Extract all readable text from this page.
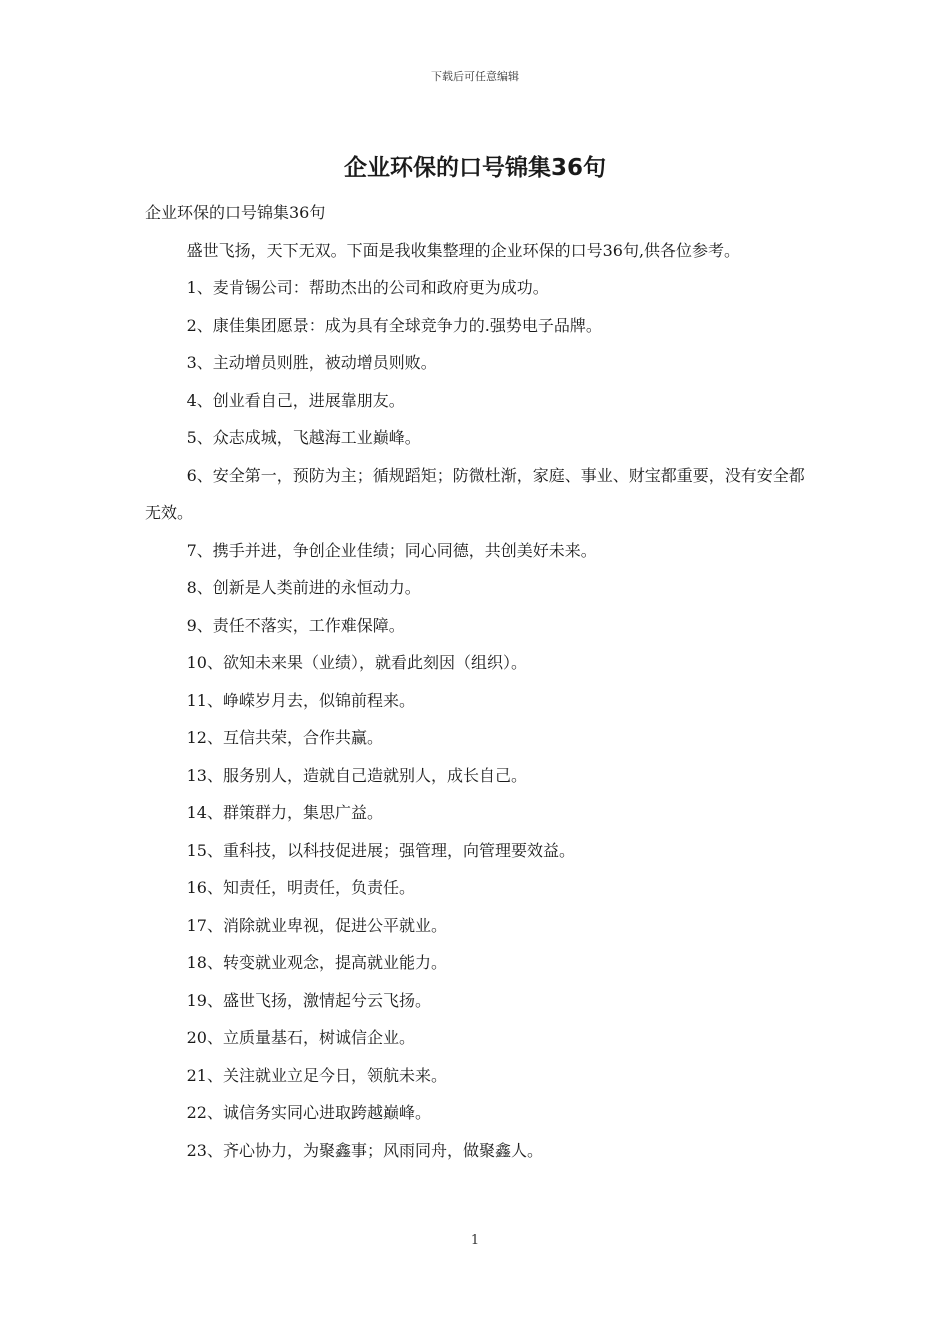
下载后可任意编辑
企业环保的口号锦集36句

企业环保的口号锦集36句

盛世飞扬，天下无双。下面是我收集整理的企业环保的口号36句,供各位参考。

1、麦肯锡公司：帮助杰出的公司和政府更为成功。

2、康佳集团愿景：成为具有全球竞争力的.强势电子品牌。

3、主动增员则胜，被动增员则败。

4、创业看自己，进展靠朋友。

5、众志成城，飞越海工业巅峰。

6、安全第一，预防为主；循规蹈矩；防微杜渐，家庭、事业、财宝都重要，没有安全都无效。

7、携手并进，争创企业佳绩；同心同德，共创美好未来。

8、创新是人类前进的永恒动力。

9、责任不落实，工作难保障。

10、欲知未来果（业绩），就看此刻因（组织）。

11、峥嵘岁月去，似锦前程来。

12、互信共荣，合作共赢。

13、服务别人，造就自己造就别人，成长自己。

14、群策群力，集思广益。

15、重科技，以科技促进展；强管理，向管理要效益。

16、知责任，明责任，负责任。

17、消除就业卑视，促进公平就业。

18、转变就业观念，提高就业能力。

19、盛世飞扬，激情起兮云飞扬。

20、立质量基石，树诚信企业。

21、关注就业立足今日，领航未来。

22、诚信务实同心进取跨越巅峰。

23、齐心协力，为聚鑫事；风雨同舟，做聚鑫人。

1
